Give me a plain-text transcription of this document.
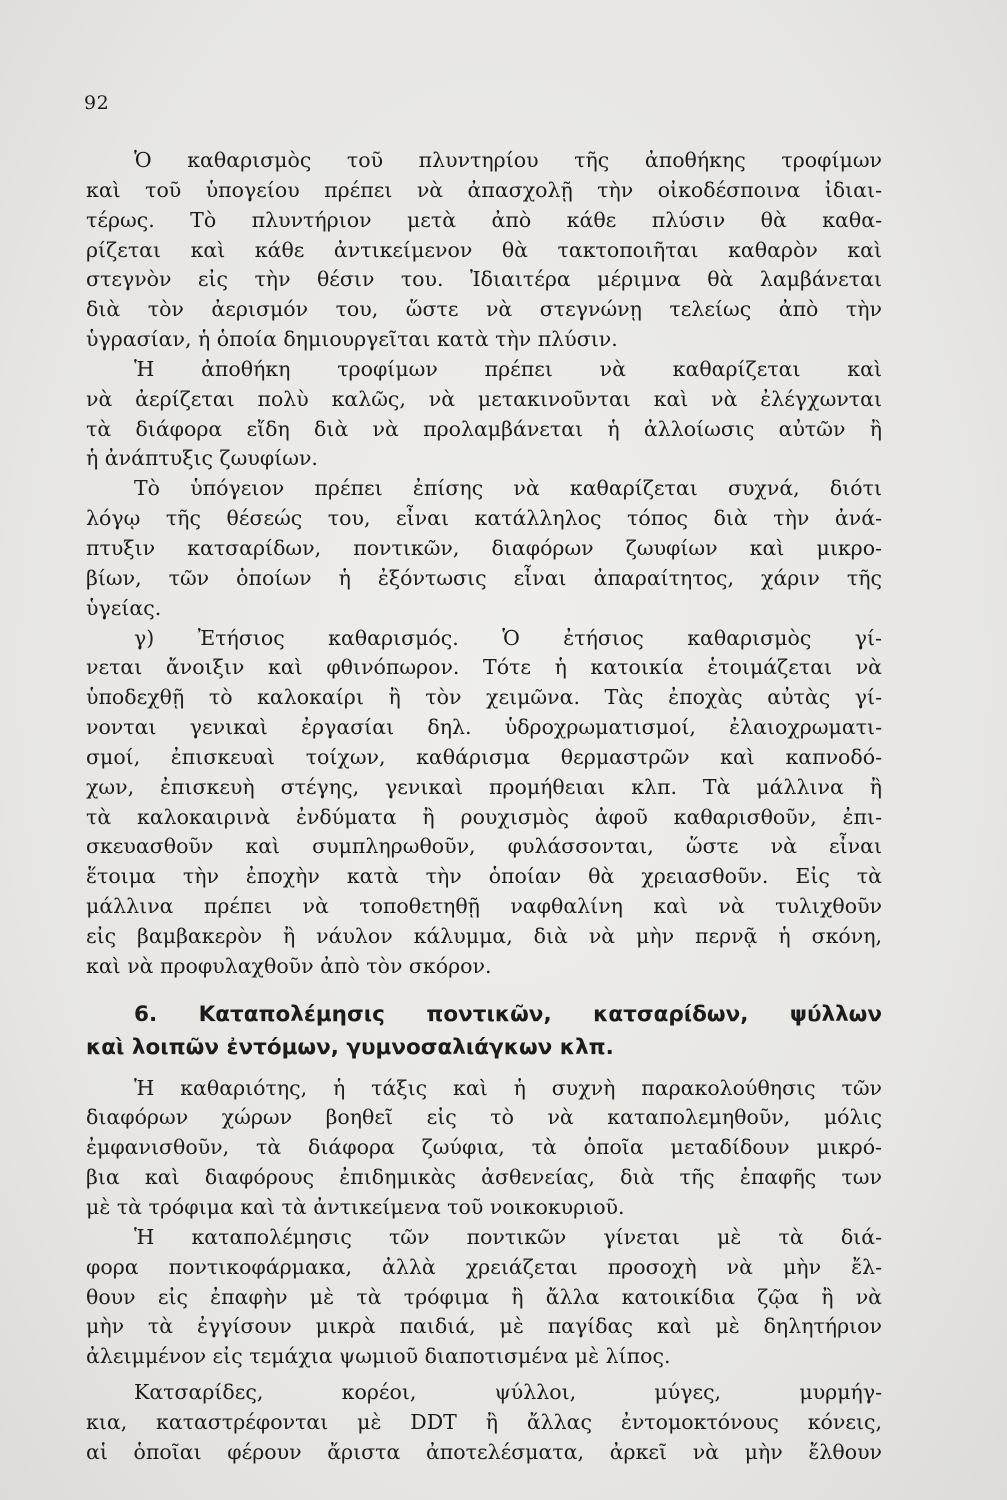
92
Ὁ καθαρισμὸς τοῦ πλυντηρίου τῆς ἀποθήκης τροφίμων
καὶ τοῦ ὑπογείου πρέπει νὰ ἀπασχολῇ τὴν οἰκοδέσποινα ἰδιαι-
τέρως. Τὸ πλυντήριον μετὰ ἀπὸ κάθε πλύσιν θὰ καθα-
ρίζεται καὶ κάθε ἀντικείμενον θὰ τακτοποιῆται καθαρὸν καὶ
στεγνὸν εἰς τὴν θέσιν του. Ἰδιαιτέρα μέριμνα θὰ λαμβάνεται
διὰ τὸν ἀερισμόν του, ὥστε νὰ στεγνώνῃ τελείως ἀπὸ τὴν
ὑγρασίαν, ἡ ὁποία δημιουργεῖται κατὰ τὴν πλύσιν.
Ἡ ἀποθήκη τροφίμων πρέπει νὰ καθαρίζεται καὶ
νὰ ἀερίζεται πολὺ καλῶς, νὰ μετακινοῦνται καὶ νὰ ἐλέγχωνται
τὰ διάφορα εἴδη διὰ νὰ προλαμβάνεται ἡ ἀλλοίωσις αὐτῶν ἢ
ἡ ἀνάπτυξις ζωυφίων.
Τὸ ὑπόγειον πρέπει ἐπίσης νὰ καθαρίζεται συχνά, διότι
λόγῳ τῆς θέσεώς του, εἶναι κατάλληλος τόπος διὰ τὴν ἀνά-
πτυξιν κατσαρίδων, ποντικῶν, διαφόρων ζωυφίων καὶ μικρο-
βίων, τῶν ὁποίων ἡ ἐξόντωσις εἶναι ἀπαραίτητος, χάριν τῆς
ὑγείας.
γ) Ἐτήσιος καθαρισμός. Ὁ ἐτήσιος καθαρισμὸς γί-
νεται ἄνοιξιν καὶ φθινόπωρον. Τότε ἡ κατοικία ἑτοιμάζεται νὰ
ὑποδεχθῇ τὸ καλοκαίρι ἢ τὸν χειμῶνα. Τὰς ἐποχὰς αὐτὰς γί-
νονται γενικαὶ ἐργασίαι δηλ. ὑδροχρωματισμοί, ἐλαιοχρωματι-
σμοί, ἐπισκευαὶ τοίχων, καθάρισμα θερμαστρῶν καὶ καπνοδό-
χων, ἐπισκευὴ στέγης, γενικαὶ προμήθειαι κλπ. Τὰ μάλλινα ἢ
τὰ καλοκαιρινὰ ἐνδύματα ἢ ρουχισμὸς ἀφοῦ καθαρισθοῦν, ἐπι-
σκευασθοῦν καὶ συμπληρωθοῦν, φυλάσσονται, ὥστε νὰ εἶναι
ἕτοιμα τὴν ἐποχὴν κατὰ τὴν ὁποίαν θὰ χρειασθοῦν. Εἰς τὰ
μάλλινα πρέπει νὰ τοποθετηθῇ ναφθαλίνη καὶ νὰ τυλιχθοῦν
εἰς βαμβακερὸν ἢ νάυλον κάλυμμα, διὰ νὰ μὴν περνᾷ ἡ σκόνη,
καὶ νὰ προφυλαχθοῦν ἀπὸ τὸν σκόρον.
6. Καταπολέμησις ποντικῶν, κατσαρίδων, ψύλλων
καὶ λοιπῶν ἐντόμων, γυμνοσαλιάγκων κλπ.
Ἡ καθαριότης, ἡ τάξις καὶ ἡ συχνὴ παρακολούθησις τῶν
διαφόρων χώρων βοηθεῖ εἰς τὸ νὰ καταπολεμηθοῦν, μόλις
ἐμφανισθοῦν, τὰ διάφορα ζωύφια, τὰ ὁποῖα μεταδίδουν μικρό-
βια καὶ διαφόρους ἐπιδημικὰς ἀσθενείας, διὰ τῆς ἐπαφῆς των
μὲ τὰ τρόφιμα καὶ τὰ ἀντικείμενα τοῦ νοικοκυριοῦ.
Ἡ καταπολέμησις τῶν ποντικῶν γίνεται μὲ τὰ διά-
φορα ποντικοφάρμακα, ἀλλὰ χρειάζεται προσοχὴ νὰ μὴν ἔλ-
θουν εἰς ἐπαφὴν μὲ τὰ τρόφιμα ἢ ἄλλα κατοικίδια ζῷα ἢ νὰ
μὴν τὰ ἐγγίσουν μικρὰ παιδιά, μὲ παγίδας καὶ μὲ δηλητήριον
ἀλειμμένον εἰς τεμάχια ψωμιοῦ διαποτισμένα μὲ λίπος.
Κατσαρίδες, κορέοι, ψύλλοι, μύγες, μυρμήγ-
κια, καταστρέφονται μὲ DDT ἢ ἄλλας ἐντομοκτόνους κόνεις,
αἱ ὁποῖαι φέρουν ἄριστα ἀποτελέσματα, ἀρκεῖ νὰ μὴν ἔλθουν
